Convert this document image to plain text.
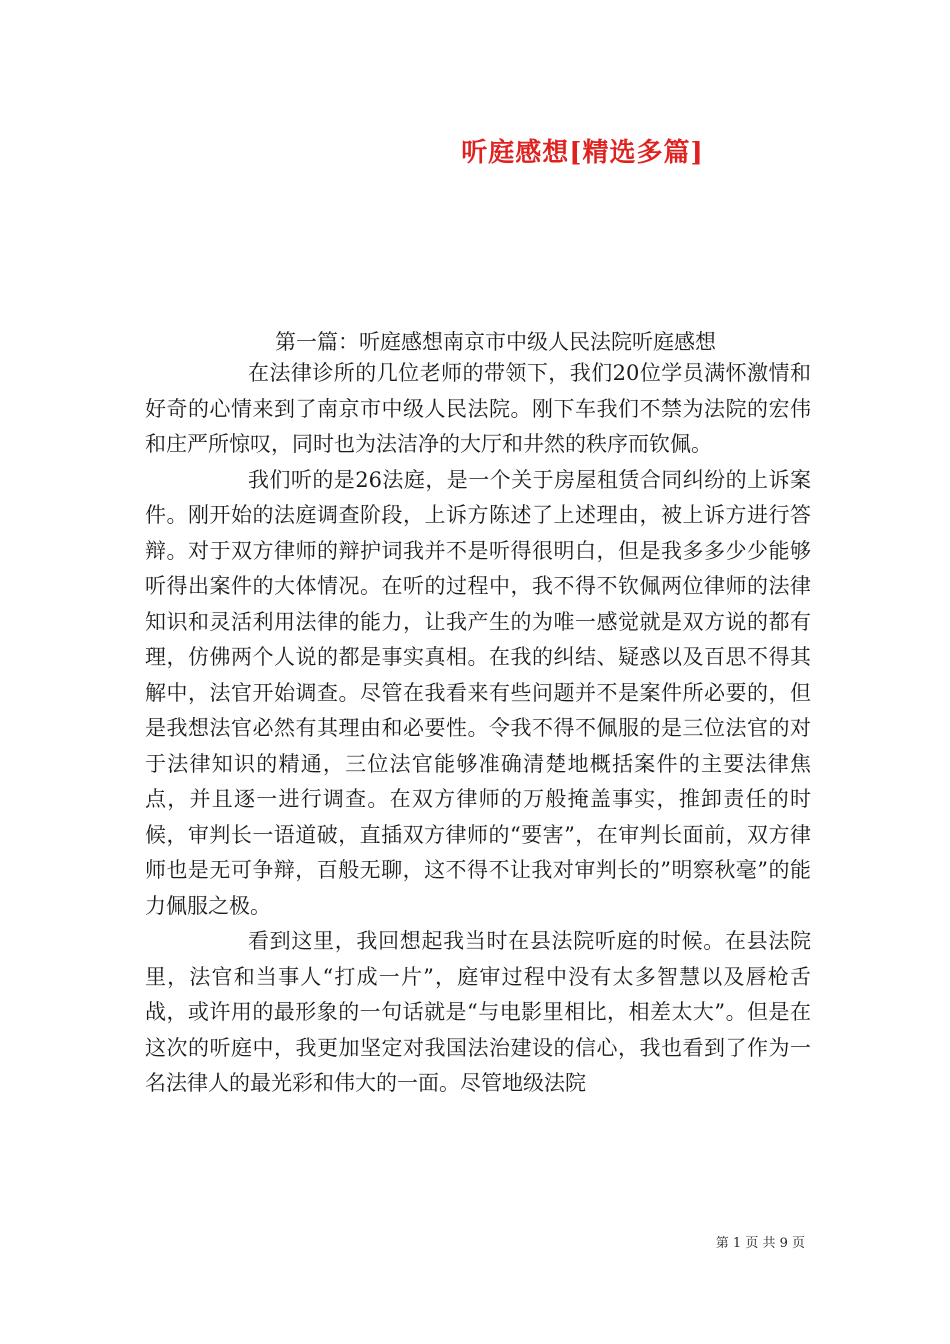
听庭感想[精选多篇]
第一篇：听庭感想南京市中级人民法院听庭感想

在法律诊所的几位老师的带领下，我们20位学员满怀激情和好奇的心情来到了南京市中级人民法院。刚下车我们不禁为法院的宏伟和庄严所惊叹，同时也为法洁净的大厅和井然的秩序而钦佩。

我们听的是26法庭，是一个关于房屋租赁合同纠纷的上诉案件。刚开始的法庭调查阶段，上诉方陈述了上述理由，被上诉方进行答辩。对于双方律师的辩护词我并不是听得很明白，但是我多多少少能够听得出案件的大体情况。在听的过程中，我不得不钦佩两位律师的法律知识和灵活利用法律的能力，让我产生的为唯一感觉就是双方说的都有理，仿佛两个人说的都是事实真相。在我的纠结、疑惑以及百思不得其解中，法官开始调查。尽管在我看来有些问题并不是案件所必要的，但是我想法官必然有其理由和必要性。令我不得不佩服的是三位法官的对于法律知识的精通，三位法官能够准确清楚地概括案件的主要法律焦点，并且逐一进行调查。在双方律师的万般掩盖事实，推卸责任的时候，审判长一语道破，直插双方律师的“要害”，在审判长面前，双方律师也是无可争辩，百般无聊，这不得不让我对审判长的”明察秋毫”的能力佩服之极。

看到这里，我回想起我当时在县法院听庭的时候。在县法院里，法官和当事人“打成一片”，庭审过程中没有太多智慧以及唇枪舌战，或许用的最形象的一句话就是“与电影里相比，相差太大”。但是在这次的听庭中，我更加坚定对我国法治建设的信心，我也看到了作为一名法律人的最光彩和伟大的一面。尽管地级法院

第 1 页 共 9 页
